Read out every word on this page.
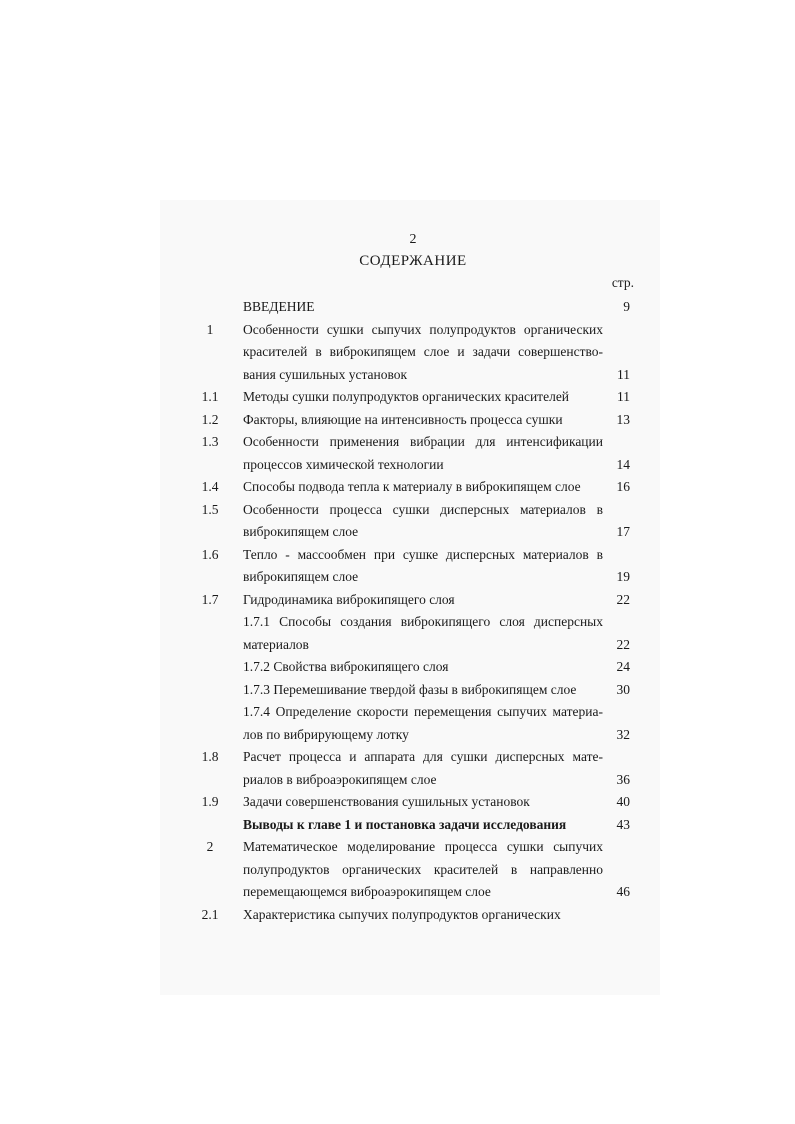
2
СОДЕРЖАНИЕ
стр.
ВВЕДЕНИЕ	9
1	Особенности сушки сыпучих полупродуктов органических
красителей в виброкипящем слое и задачи совершенство-
вания сушильных установок	11
1.1	Методы сушки полупродуктов органических красителей	11
1.2	Факторы, влияющие на интенсивность процесса сушки	13
1.3	Особенности применения вибрации для интенсификации
процессов химической технологии	14
1.4	Способы подвода тепла к материалу в виброкипящем слое	16
1.5	Особенности процесса сушки дисперсных материалов в
виброкипящем слое	17
1.6	Тепло - массообмен при сушке дисперсных материалов в
виброкипящем слое	19
1.7	Гидродинамика виброкипящего слоя	22
1.7.1 Способы создания виброкипящего слоя дисперсных
материалов	22
1.7.2 Свойства виброкипящего слоя	24
1.7.3 Перемешивание твердой фазы в виброкипящем слое	30
1.7.4 Определение скорости перемещения сыпучих материа-
лов по вибрирующему лотку	32
1.8	Расчет процесса и аппарата для сушки дисперсных мате-
риалов в виброаэрокипящем слое	36
1.9	Задачи совершенствования сушильных установок	40
Выводы к главе 1 и постановка задачи исследования	43
2	Математическое моделирование процесса сушки сыпучих
полупродуктов органических красителей в направленно
перемещающемся виброаэрокипящем слое	46
2.1	Характеристика сыпучих полупродуктов органических
